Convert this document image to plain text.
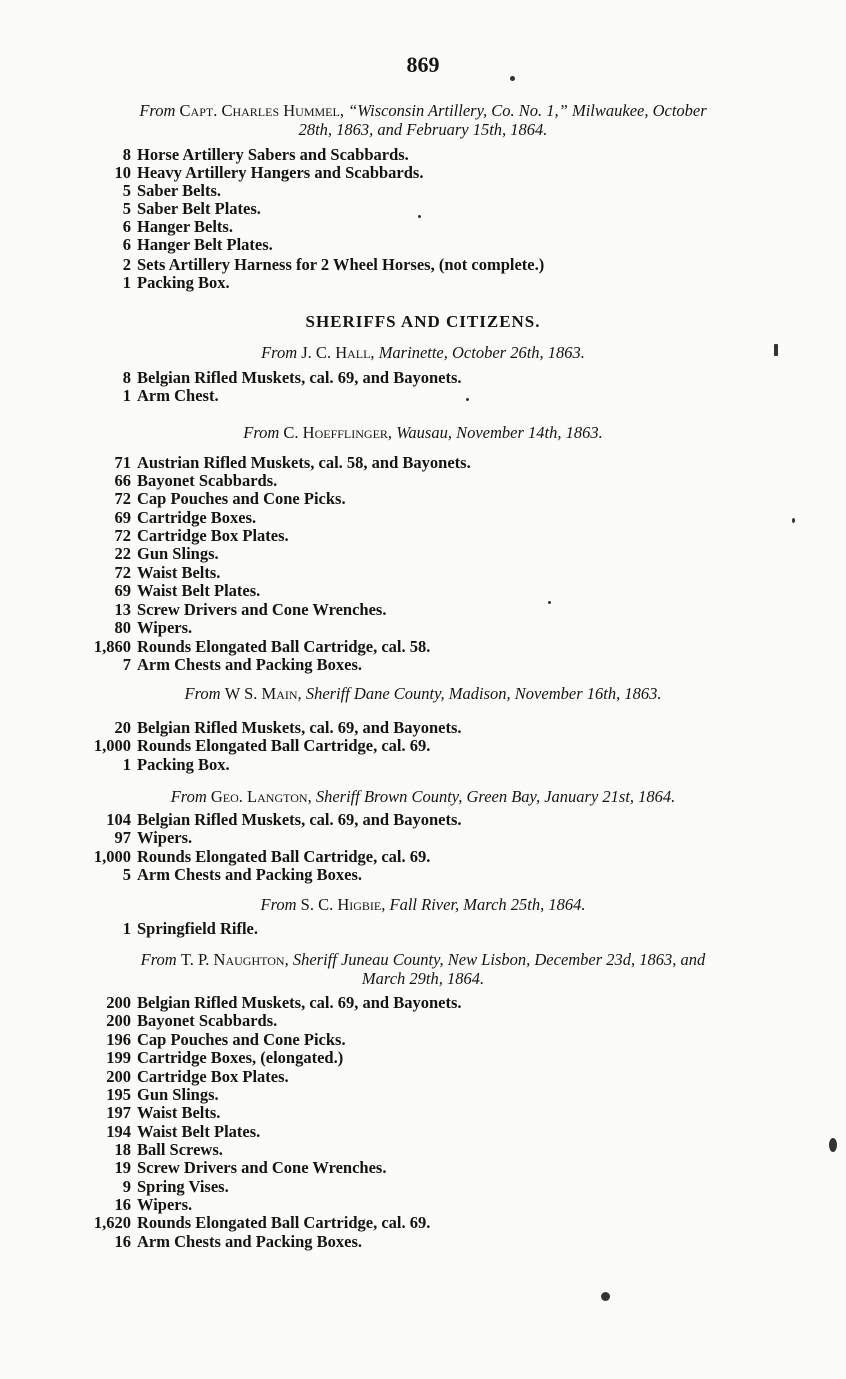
869
From Capt. Charles Hummel, “Wisconsin Artillery, Co. No. 1,” Milwaukee, October
28th, 1863, and February 15th, 1864.
8 Horse Artillery Sabers and Scabbards.
10 Heavy Artillery Hangers and Scabbards.
5 Saber Belts.
5 Saber Belt Plates.
6 Hanger Belts.
6 Hanger Belt Plates.
2 Sets Artillery Harness for 2 Wheel Horses, (not complete.)
1 Packing Box.
SHERIFFS AND CITIZENS.
From J. C. Hall, Marinette, October 26th, 1863.
8 Belgian Rifled Muskets, cal. 69, and Bayonets.
1 Arm Chest.
From C. Hoefflinger, Wausau, November 14th, 1863.
71 Austrian Rifled Muskets, cal. 58, and Bayonets.
66 Bayonet Scabbards.
72 Cap Pouches and Cone Picks.
69 Cartridge Boxes.
72 Cartridge Box Plates.
22 Gun Slings.
72 Waist Belts.
69 Waist Belt Plates.
13 Screw Drivers and Cone Wrenches.
80 Wipers.
1,860 Rounds Elongated Ball Cartridge, cal. 58.
7 Arm Chests and Packing Boxes.
From W S. Main, Sheriff Dane County, Madison, November 16th, 1863.
20 Belgian Rifled Muskets, cal. 69, and Bayonets.
1,000 Rounds Elongated Ball Cartridge, cal. 69.
1 Packing Box.
From Geo. Langton, Sheriff Brown County, Green Bay, January 21st, 1864.
104 Belgian Rifled Muskets, cal. 69, and Bayonets.
97 Wipers.
1,000 Rounds Elongated Ball Cartridge, cal. 69.
5 Arm Chests and Packing Boxes.
From S. C. Higbie, Fall River, March 25th, 1864.
1 Springfield Rifle.
From T. P. Naughton, Sheriff Juneau County, New Lisbon, December 23d, 1863, and
March 29th, 1864.
200 Belgian Rifled Muskets, cal. 69, and Bayonets.
200 Bayonet Scabbards.
196 Cap Pouches and Cone Picks.
199 Cartridge Boxes, (elongated.)
200 Cartridge Box Plates.
195 Gun Slings.
197 Waist Belts.
194 Waist Belt Plates.
18 Ball Screws.
19 Screw Drivers and Cone Wrenches.
9 Spring Vises.
16 Wipers.
1,620 Rounds Elongated Ball Cartridge, cal. 69.
16 Arm Chests and Packing Boxes.
